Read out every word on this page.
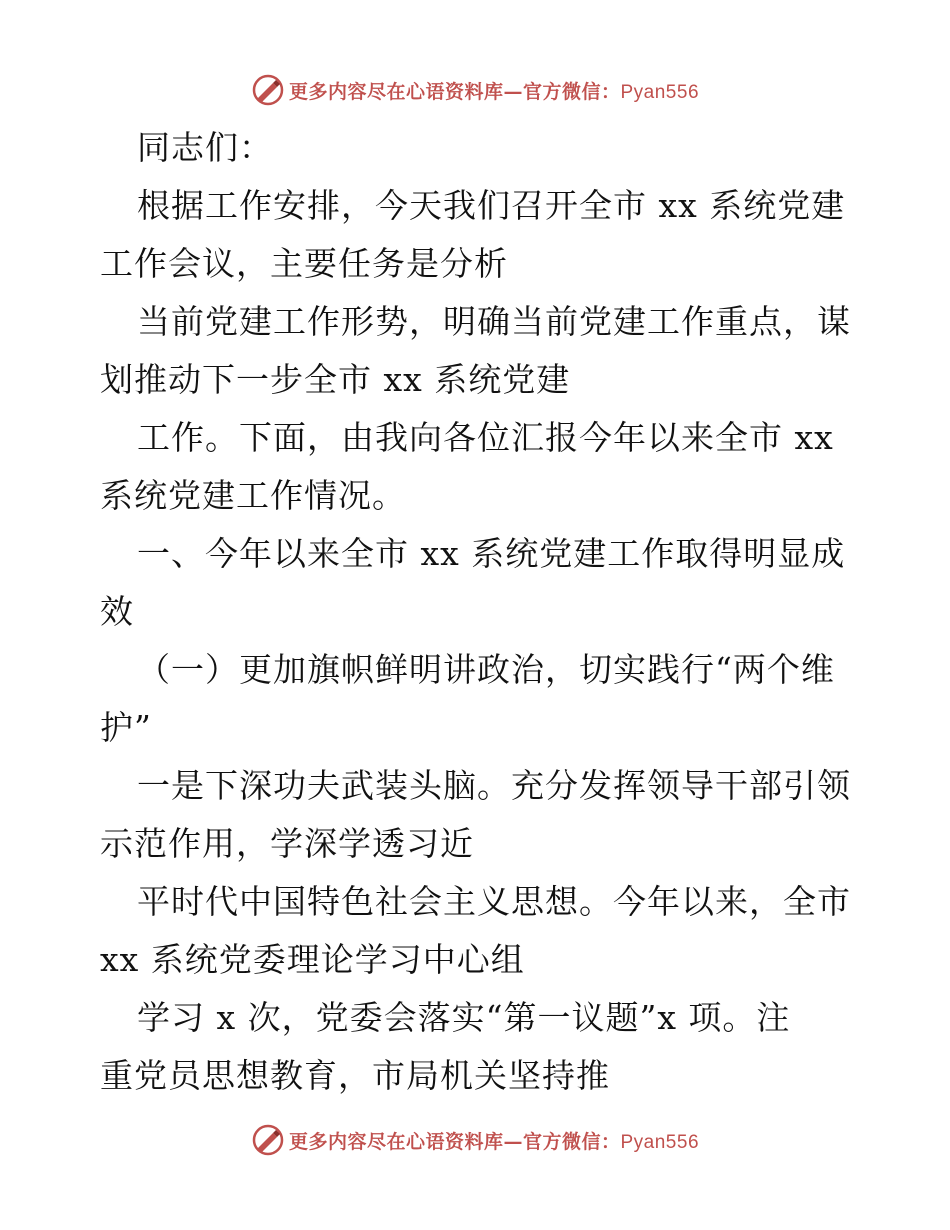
更多内容尽在心语资料库—官方微信：Pyan556
同志们：
根据工作安排，今天我们召开全市 xx 系统党建
工作会议，主要任务是分析
当前党建工作形势，明确当前党建工作重点，谋
划推动下一步全市 xx 系统党建
工作。下面，由我向各位汇报今年以来全市 xx
系统党建工作情况。
一、今年以来全市 xx 系统党建工作取得明显成
效
（一）更加旗帜鲜明讲政治，切实践行“两个维
护”
一是下深功夫武装头脑。充分发挥领导干部引领
示范作用，学深学透习近
平时代中国特色社会主义思想。今年以来，全市
xx 系统党委理论学习中心组
学习 x 次，党委会落实“第一议题”x 项。注
重党员思想教育，市局机关坚持推
更多内容尽在心语资料库—官方微信：Pyan556
